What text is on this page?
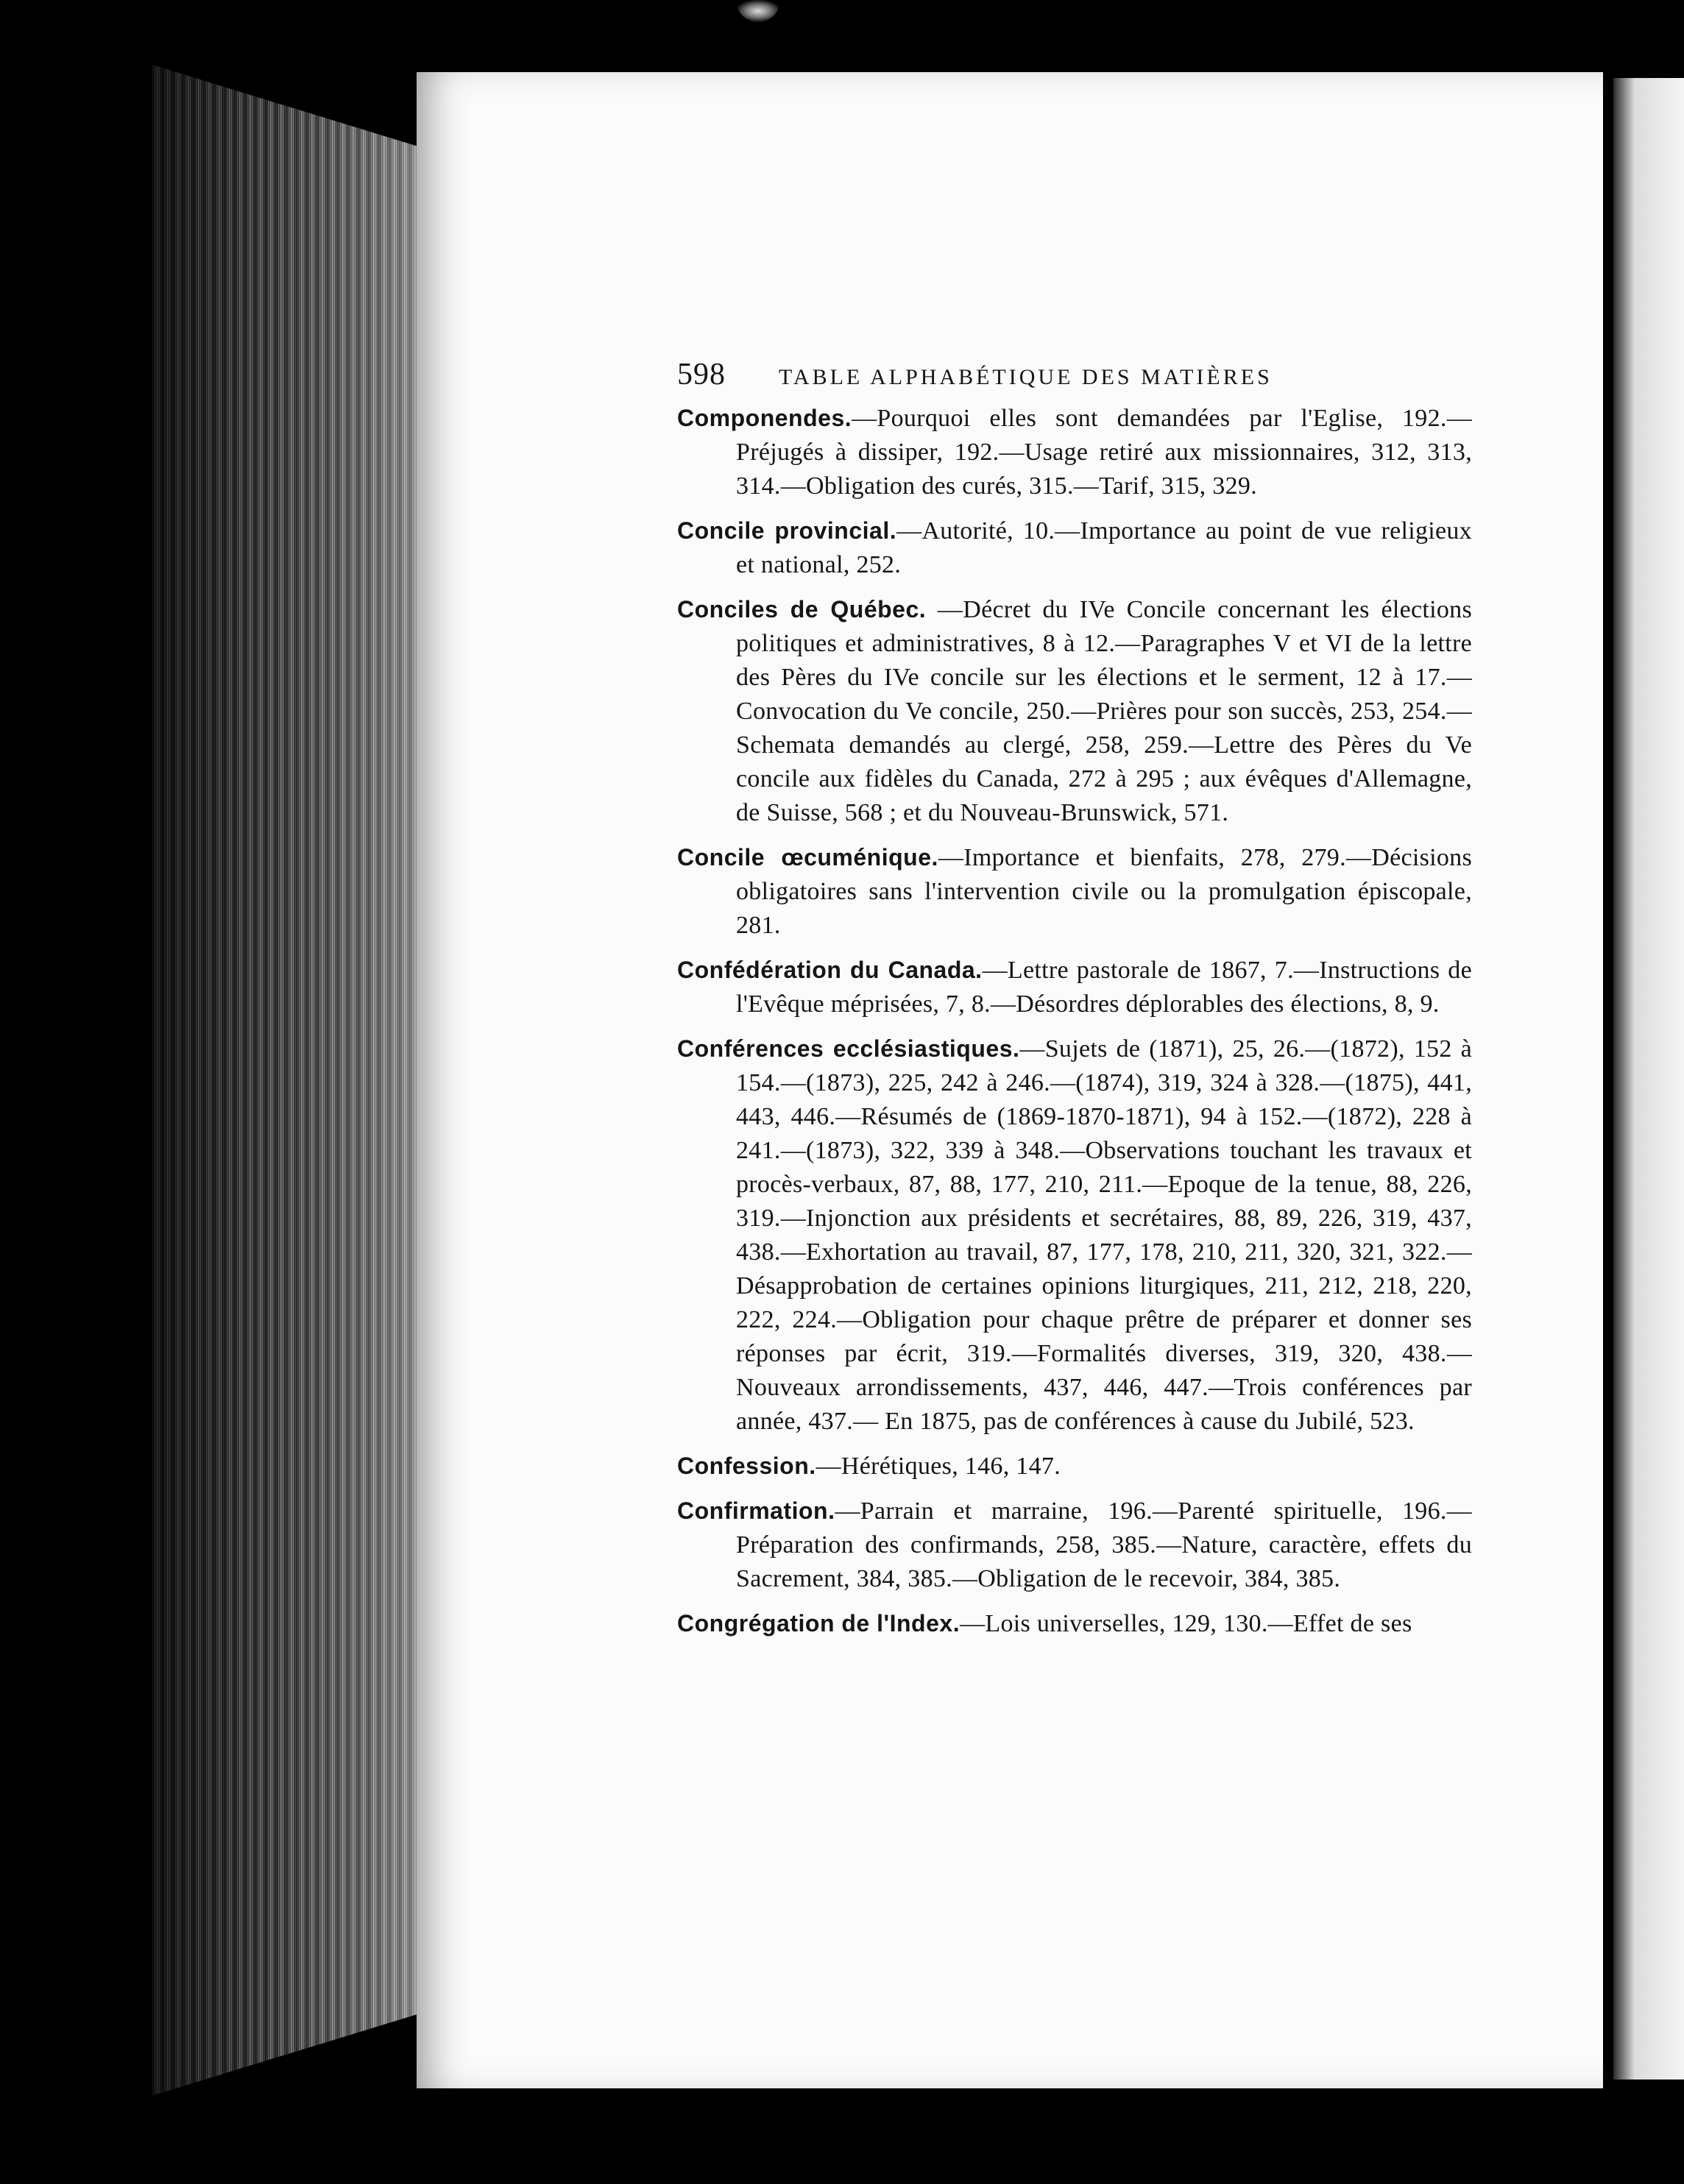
598 TABLE ALPHABÉTIQUE DES MATIÈRES

Componendes.—Pourquoi elles sont demandées par l'Eglise, 192.—Préjugés à dissiper, 192.—Usage retiré aux missionnaires, 312, 313, 314.—Obligation des curés, 315.—Tarif, 315, 329.

Concile provincial.—Autorité, 10.—Importance au point de vue religieux et national, 252.

Conciles de Québec. —Décret du IVe Concile concernant les élections politiques et administratives, 8 à 12.—Paragraphes V et VI de la lettre des Pères du IVe concile sur les élections et le serment, 12 à 17.—Convocation du Ve concile, 250.—Prières pour son succès, 253, 254.—Schemata demandés au clergé, 258, 259.—Lettre des Pères du Ve concile aux fidèles du Canada, 272 à 295 ; aux évêques d'Allemagne, de Suisse, 568 ; et du Nouveau-Brunswick, 571.

Concile œcuménique.—Importance et bienfaits, 278, 279.—Décisions obligatoires sans l'intervention civile ou la promulgation épiscopale, 281.

Confédération du Canada.—Lettre pastorale de 1867, 7.—Instructions de l'Evêque méprisées, 7, 8.—Désordres déplorables des élections, 8, 9.

Conférences ecclésiastiques.—Sujets de (1871), 25, 26.—(1872), 152 à 154.—(1873), 225, 242 à 246.—(1874), 319, 324 à 328.—(1875), 441, 443, 446.—Résumés de (1869-1870-1871), 94 à 152.—(1872), 228 à 241.—(1873), 322, 339 à 348.—Observations touchant les travaux et procès-verbaux, 87, 88, 177, 210, 211.—Epoque de la tenue, 88, 226, 319.—Injonction aux présidents et secrétaires, 88, 89, 226, 319, 437, 438.—Exhortation au travail, 87, 177, 178, 210, 211, 320, 321, 322.—Désapprobation de certaines opinions liturgiques, 211, 212, 218, 220, 222, 224.—Obligation pour chaque prêtre de préparer et donner ses réponses par écrit, 319.—Formalités diverses, 319, 320, 438.—Nouveaux arrondissements, 437, 446, 447.—Trois conférences par année, 437.— En 1875, pas de conférences à cause du Jubilé, 523.

Confession.—Hérétiques, 146, 147.

Confirmation.—Parrain et marraine, 196.—Parenté spirituelle, 196.—Préparation des confirmands, 258, 385.—Nature, caractère, effets du Sacrement, 384, 385.—Obligation de le recevoir, 384, 385.

Congrégation de l'Index.—Lois universelles, 129, 130.—Effet de ses
